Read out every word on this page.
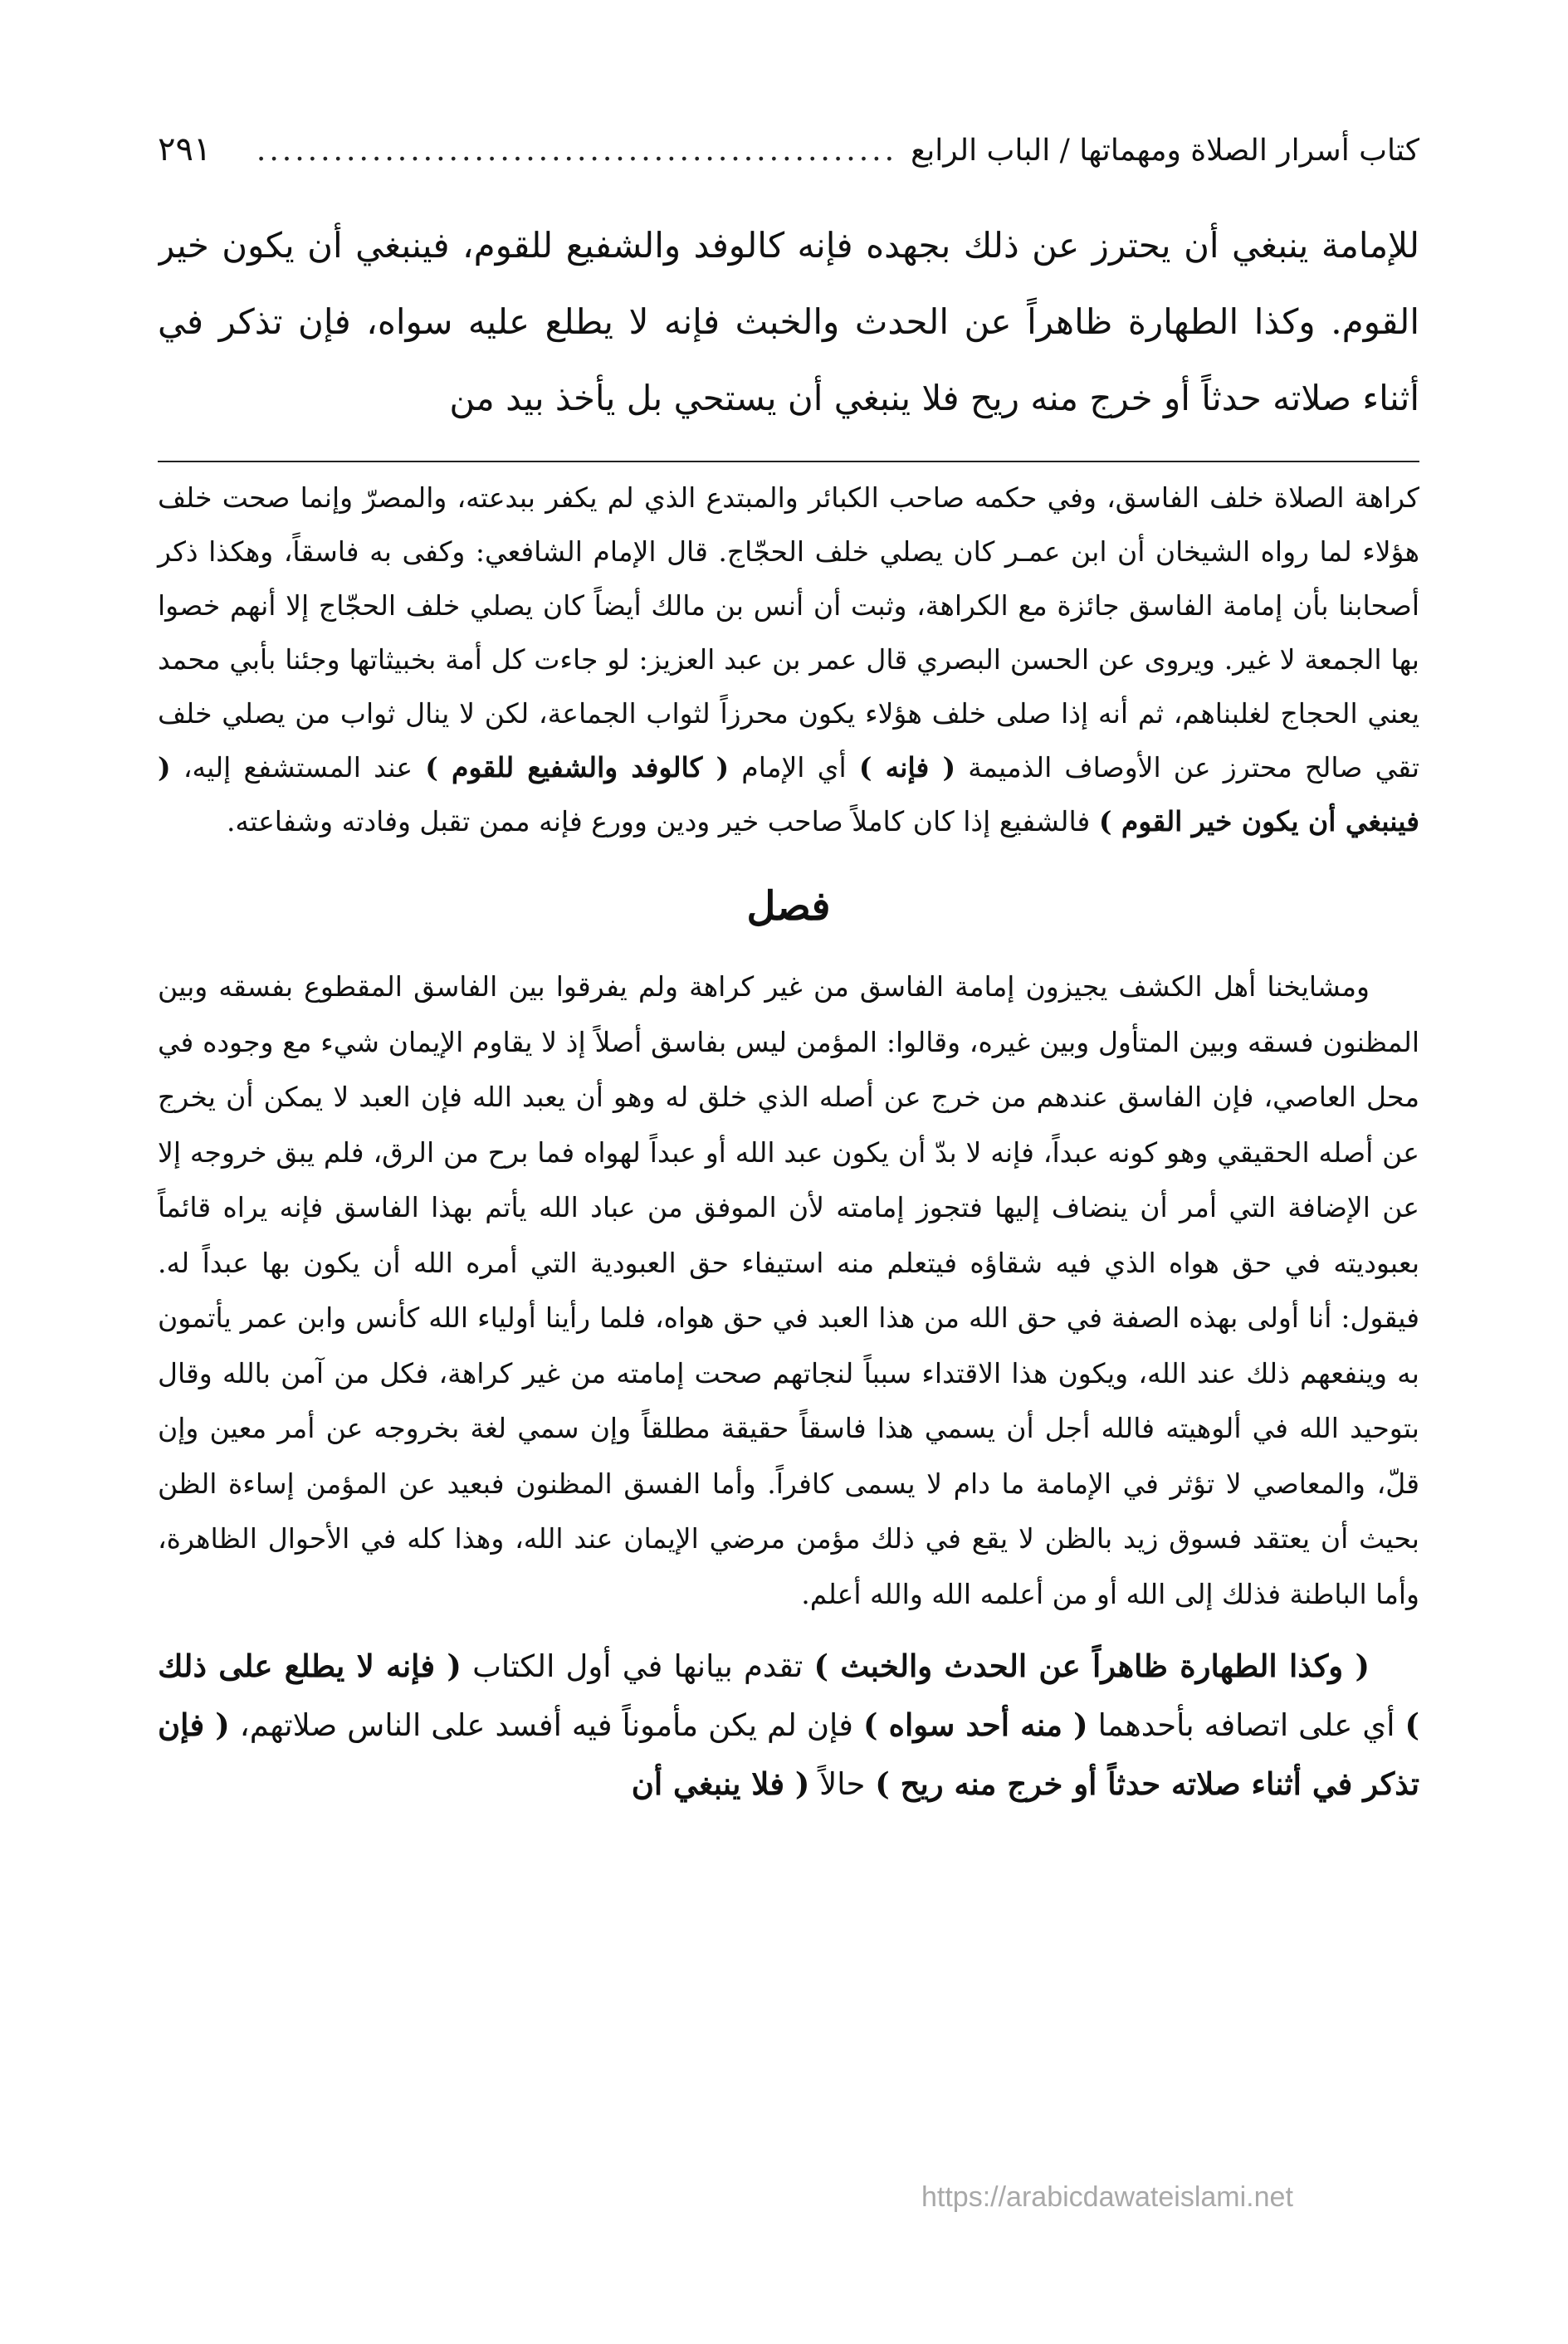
كتاب أسرار الصلاة ومهماتها / الباب الرابع
..................................................
٢٩١
للإمامة ينبغي أن يحترز عن ذلك بجهده فإنه كالوفد والشفيع للقوم، فينبغي أن يكون خير القوم. وكذا الطهارة ظاهراً عن الحدث والخبث فإنه لا يطلع عليه سواه، فإن تذكر في أثناء صلاته حدثاً أو خرج منه ريح فلا ينبغي أن يستحي بل يأخذ بيد من
كراهة الصلاة خلف الفاسق، وفي حكمه صاحب الكبائر والمبتدع الذي لم يكفر ببدعته، والمصرّ وإنما صحت خلف هؤلاء لما رواه الشيخان أن ابن عمـر كان يصلي خلف الحجّاج. قال الإمام الشافعي: وكفى به فاسقاً، وهكذا ذكر أصحابنا بأن إمامة الفاسق جائزة مع الكراهة، وثبت أن أنس بن مالك أيضاً كان يصلي خلف الحجّاج إلا أنهم خصوا بها الجمعة لا غير. ويروى عن الحسن البصري قال عمر بن عبد العزيز: لو جاءت كل أمة بخبيثاتها وجئنا بأبي محمد يعني الحجاج لغلبناهم، ثم أنه إذا صلى خلف هؤلاء يكون محرزاً لثواب الجماعة، لكن لا ينال ثواب من يصلي خلف تقي صالح محترز عن الأوصاف الذميمة ( فإنه ) أي الإمام ( كالوفد والشفيع للقوم ) عند المستشفع إليه، ( فينبغي أن يكون خير القوم ) فالشفيع إذا كان كاملاً صاحب خير ودين وورع فإنه ممن تقبل وفادته وشفاعته.
فصل
ومشايخنا أهل الكشف يجيزون إمامة الفاسق من غير كراهة ولم يفرقوا بين الفاسق المقطوع بفسقه وبين المظنون فسقه وبين المتأول وبين غيره، وقالوا: المؤمن ليس بفاسق أصلاً إذ لا يقاوم الإيمان شيء مع وجوده في محل العاصي، فإن الفاسق عندهم من خرج عن أصله الذي خلق له وهو أن يعبد الله فإن العبد لا يمكن أن يخرج عن أصله الحقيقي وهو كونه عبداً، فإنه لا بدّ أن يكون عبد الله أو عبداً لهواه فما برح من الرق، فلم يبق خروجه إلا عن الإضافة التي أمر أن ينضاف إليها فتجوز إمامته لأن الموفق من عباد الله يأتم بهذا الفاسق فإنه يراه قائماً بعبوديته في حق هواه الذي فيه شقاؤه فيتعلم منه استيفاء حق العبودية التي أمره الله أن يكون بها عبداً له. فيقول: أنا أولى بهذه الصفة في حق الله من هذا العبد في حق هواه، فلما رأينا أولياء الله كأنس وابن عمر يأتمون به وينفعهم ذلك عند الله، ويكون هذا الاقتداء سبباً لنجاتهم صحت إمامته من غير كراهة، فكل من آمن بالله وقال بتوحيد الله في ألوهيته فالله أجل أن يسمي هذا فاسقاً حقيقة مطلقاً وإن سمي لغة بخروجه عن أمر معين وإن قلّ، والمعاصي لا تؤثر في الإمامة ما دام لا يسمى كافراً. وأما الفسق المظنون فبعيد عن المؤمن إساءة الظن بحيث أن يعتقد فسوق زيد بالظن لا يقع في ذلك مؤمن مرضي الإيمان عند الله، وهذا كله في الأحوال الظاهرة، وأما الباطنة فذلك إلى الله أو من أعلمه الله والله أعلم.
( وكذا الطهارة ظاهراً عن الحدث والخبث ) تقدم بيانها في أول الكتاب ( فإنه لا يطلع على ذلك ) أي على اتصافه بأحدهما ( منه أحد سواه ) فإن لم يكن مأموناً فيه أفسد على الناس صلاتهم، ( فإن تذكر في أثناء صلاته حدثاً أو خرج منه ريح ) حالاً ( فلا ينبغي أن
https://arabicdawateislami.net
